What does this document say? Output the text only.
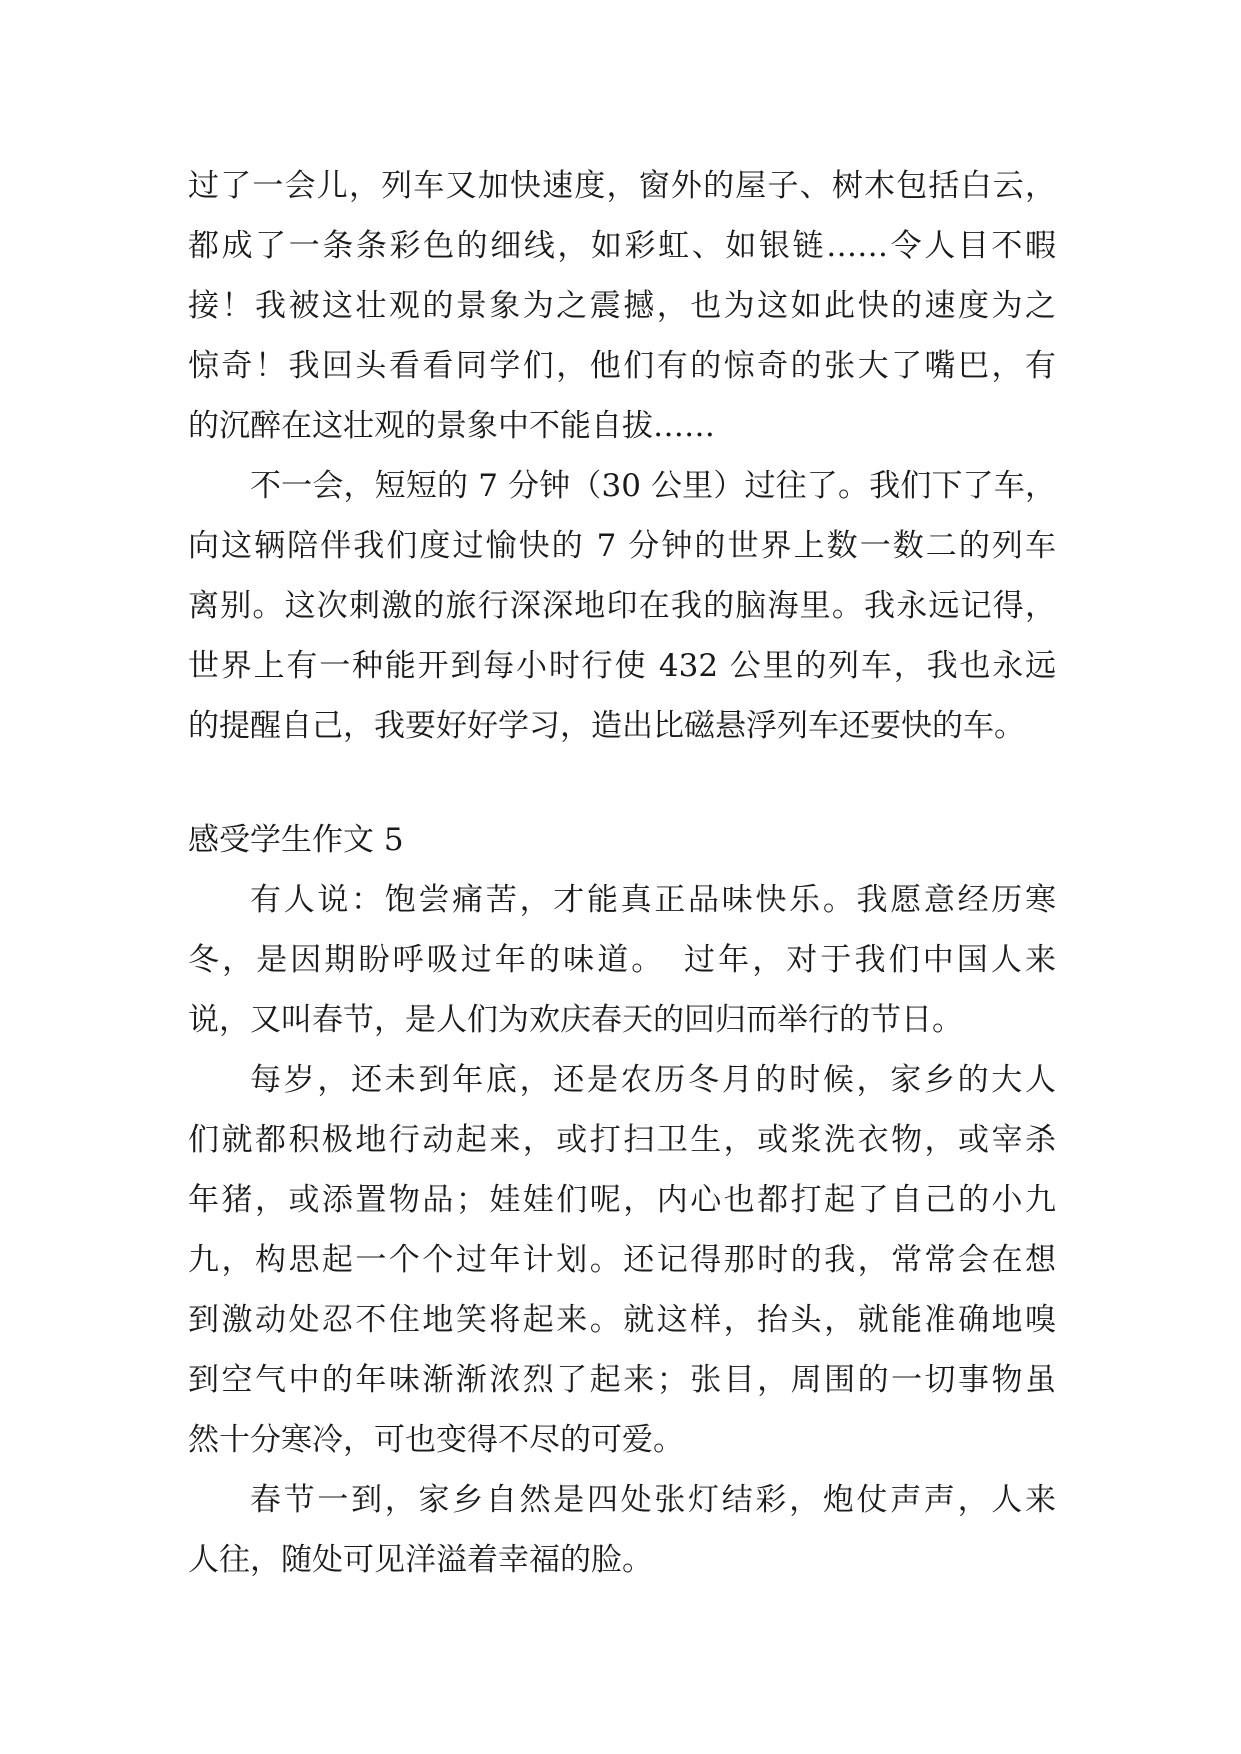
过了一会儿，列车又加快速度，窗外的屋子、树木包括白云，
都成了一条条彩色的细线，如彩虹、如银链……令人目不暇
接！我被这壮观的景象为之震撼，也为这如此快的速度为之
惊奇！我回头看看同学们，他们有的惊奇的张大了嘴巴，有
的沉醉在这壮观的景象中不能自拔……
不一会，短短的 7 分钟（30 公里）过往了。我们下了车，
向这辆陪伴我们度过愉快的 7 分钟的世界上数一数二的列车
离别。这次刺激的旅行深深地印在我的脑海里。我永远记得，
世界上有一种能开到每小时行使 432 公里的列车，我也永远
的提醒自己，我要好好学习，造出比磁悬浮列车还要快的车。
感受学生作文 5
有人说：饱尝痛苦，才能真正品味快乐。我愿意经历寒
冬，是因期盼呼吸过年的味道。　过年，对于我们中国人来
说，又叫春节，是人们为欢庆春天的回归而举行的节日。
每岁，还未到年底，还是农历冬月的时候，家乡的大人
们就都积极地行动起来，或打扫卫生，或浆洗衣物，或宰杀
年猪，或添置物品；娃娃们呢，内心也都打起了自己的小九
九，构思起一个个过年计划。还记得那时的我，常常会在想
到激动处忍不住地笑将起来。就这样，抬头，就能准确地嗅
到空气中的年味渐渐浓烈了起来；张目，周围的一切事物虽
然十分寒冷，可也变得不尽的可爱。
春节一到，家乡自然是四处张灯结彩，炮仗声声，人来
人往，随处可见洋溢着幸福的脸。
